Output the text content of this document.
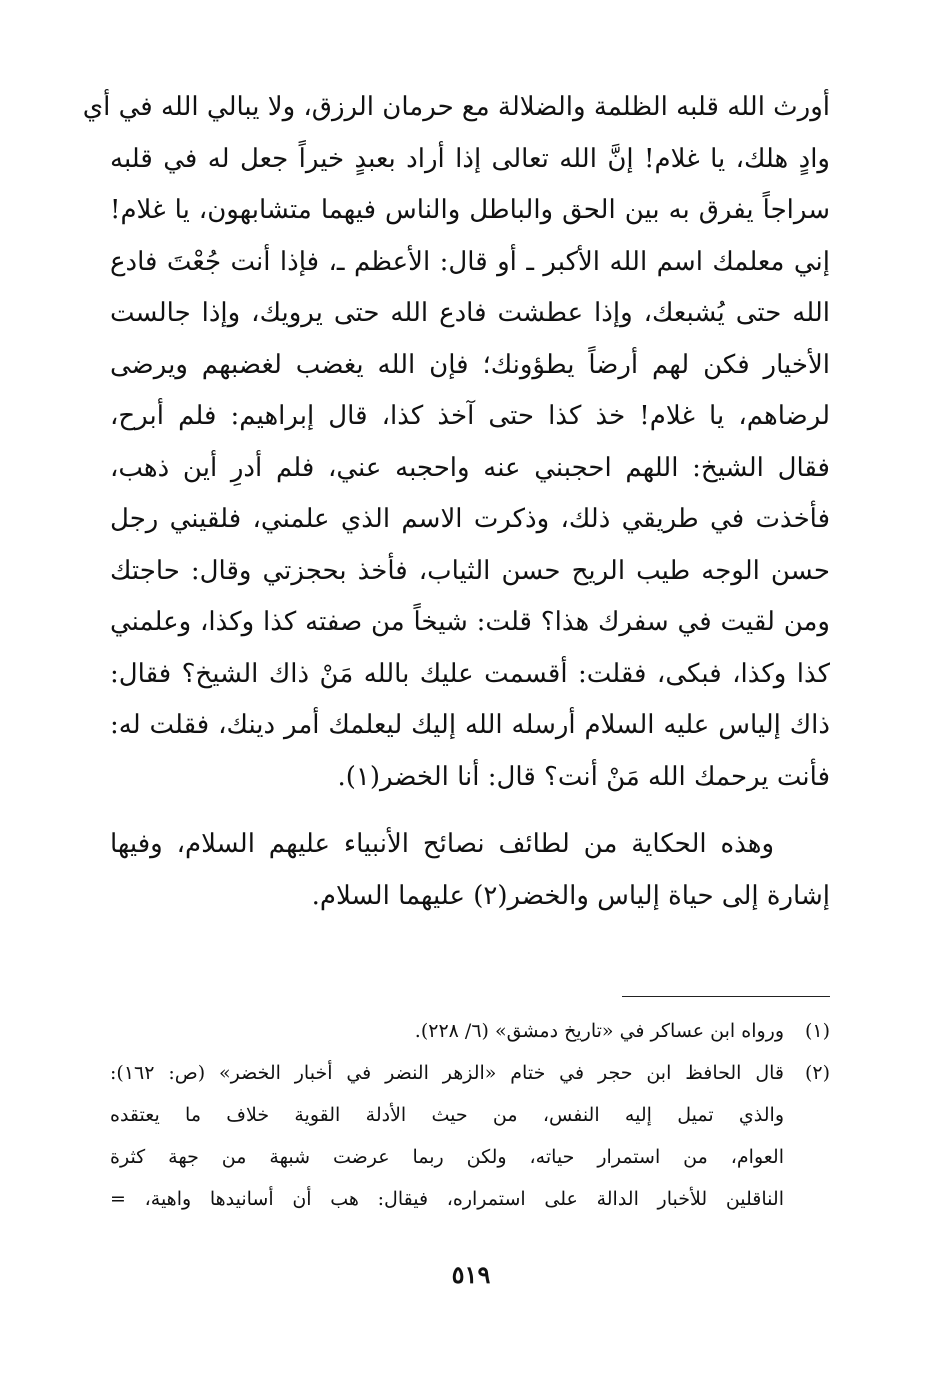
أورث الله قلبه الظلمة والضلالة مع حرمان الرزق، ولا يبالي الله في أي
وادٍ هلك، يا غلام! إنَّ الله تعالى إذا أراد بعبدٍ خيراً جعل له في قلبه
سراجاً يفرق به بين الحق والباطل والناس فيهما متشابهون، يا غلام!
إني معلمك اسم الله الأكبر ـ أو قال: الأعظم ـ، فإذا أنت جُعْتَ فادع
الله حتى يُشبعك، وإذا عطشت فادع الله حتى يرويك، وإذا جالست
الأخيار فكن لهم أرضاً يطؤونك؛ فإن الله يغضب لغضبهم ويرضى
لرضاهم، يا غلام! خذ كذا حتى آخذ كذا، قال إبراهيم: فلم أبرح،
فقال الشيخ: اللهم احجبني عنه واحجبه عني، فلم أدرِ أين ذهب،
فأخذت في طريقي ذلك، وذكرت الاسم الذي علمني، فلقيني رجل
حسن الوجه طيب الريح حسن الثياب، فأخذ بحجزتي وقال: حاجتك
ومن لقيت في سفرك هذا؟ قلت: شيخاً من صفته كذا وكذا، وعلمني
كذا وكذا، فبكى، فقلت: أقسمت عليك بالله مَنْ ذاك الشيخ؟ فقال:
ذاك إلياس عليه السلام أرسله الله إليك ليعلمك أمر دينك، فقلت له:
فأنت يرحمك الله مَنْ أنت؟ قال: أنا الخضر(١).
وهذه الحكاية من لطائف نصائح الأنبياء عليهم السلام، وفيها
إشارة إلى حياة إلياس والخضر(٢) عليهما السلام.
(١)
ورواه ابن عساكر في «تاريخ دمشق» (٦/ ٢٢٨).
(٢)
قال الحافظ ابن حجر في ختام «الزهر النضر في أخبار الخضر» (ص: ١٦٢):
والذي تميل إليه النفس، من حيث الأدلة القوية خلاف ما يعتقده
العوام، من استمرار حياته، ولكن ربما عرضت شبهة من جهة كثرة
الناقلين للأخبار الدالة على استمراره، فيقال: هب أن أسانيدها واهية، =
٥١٩
